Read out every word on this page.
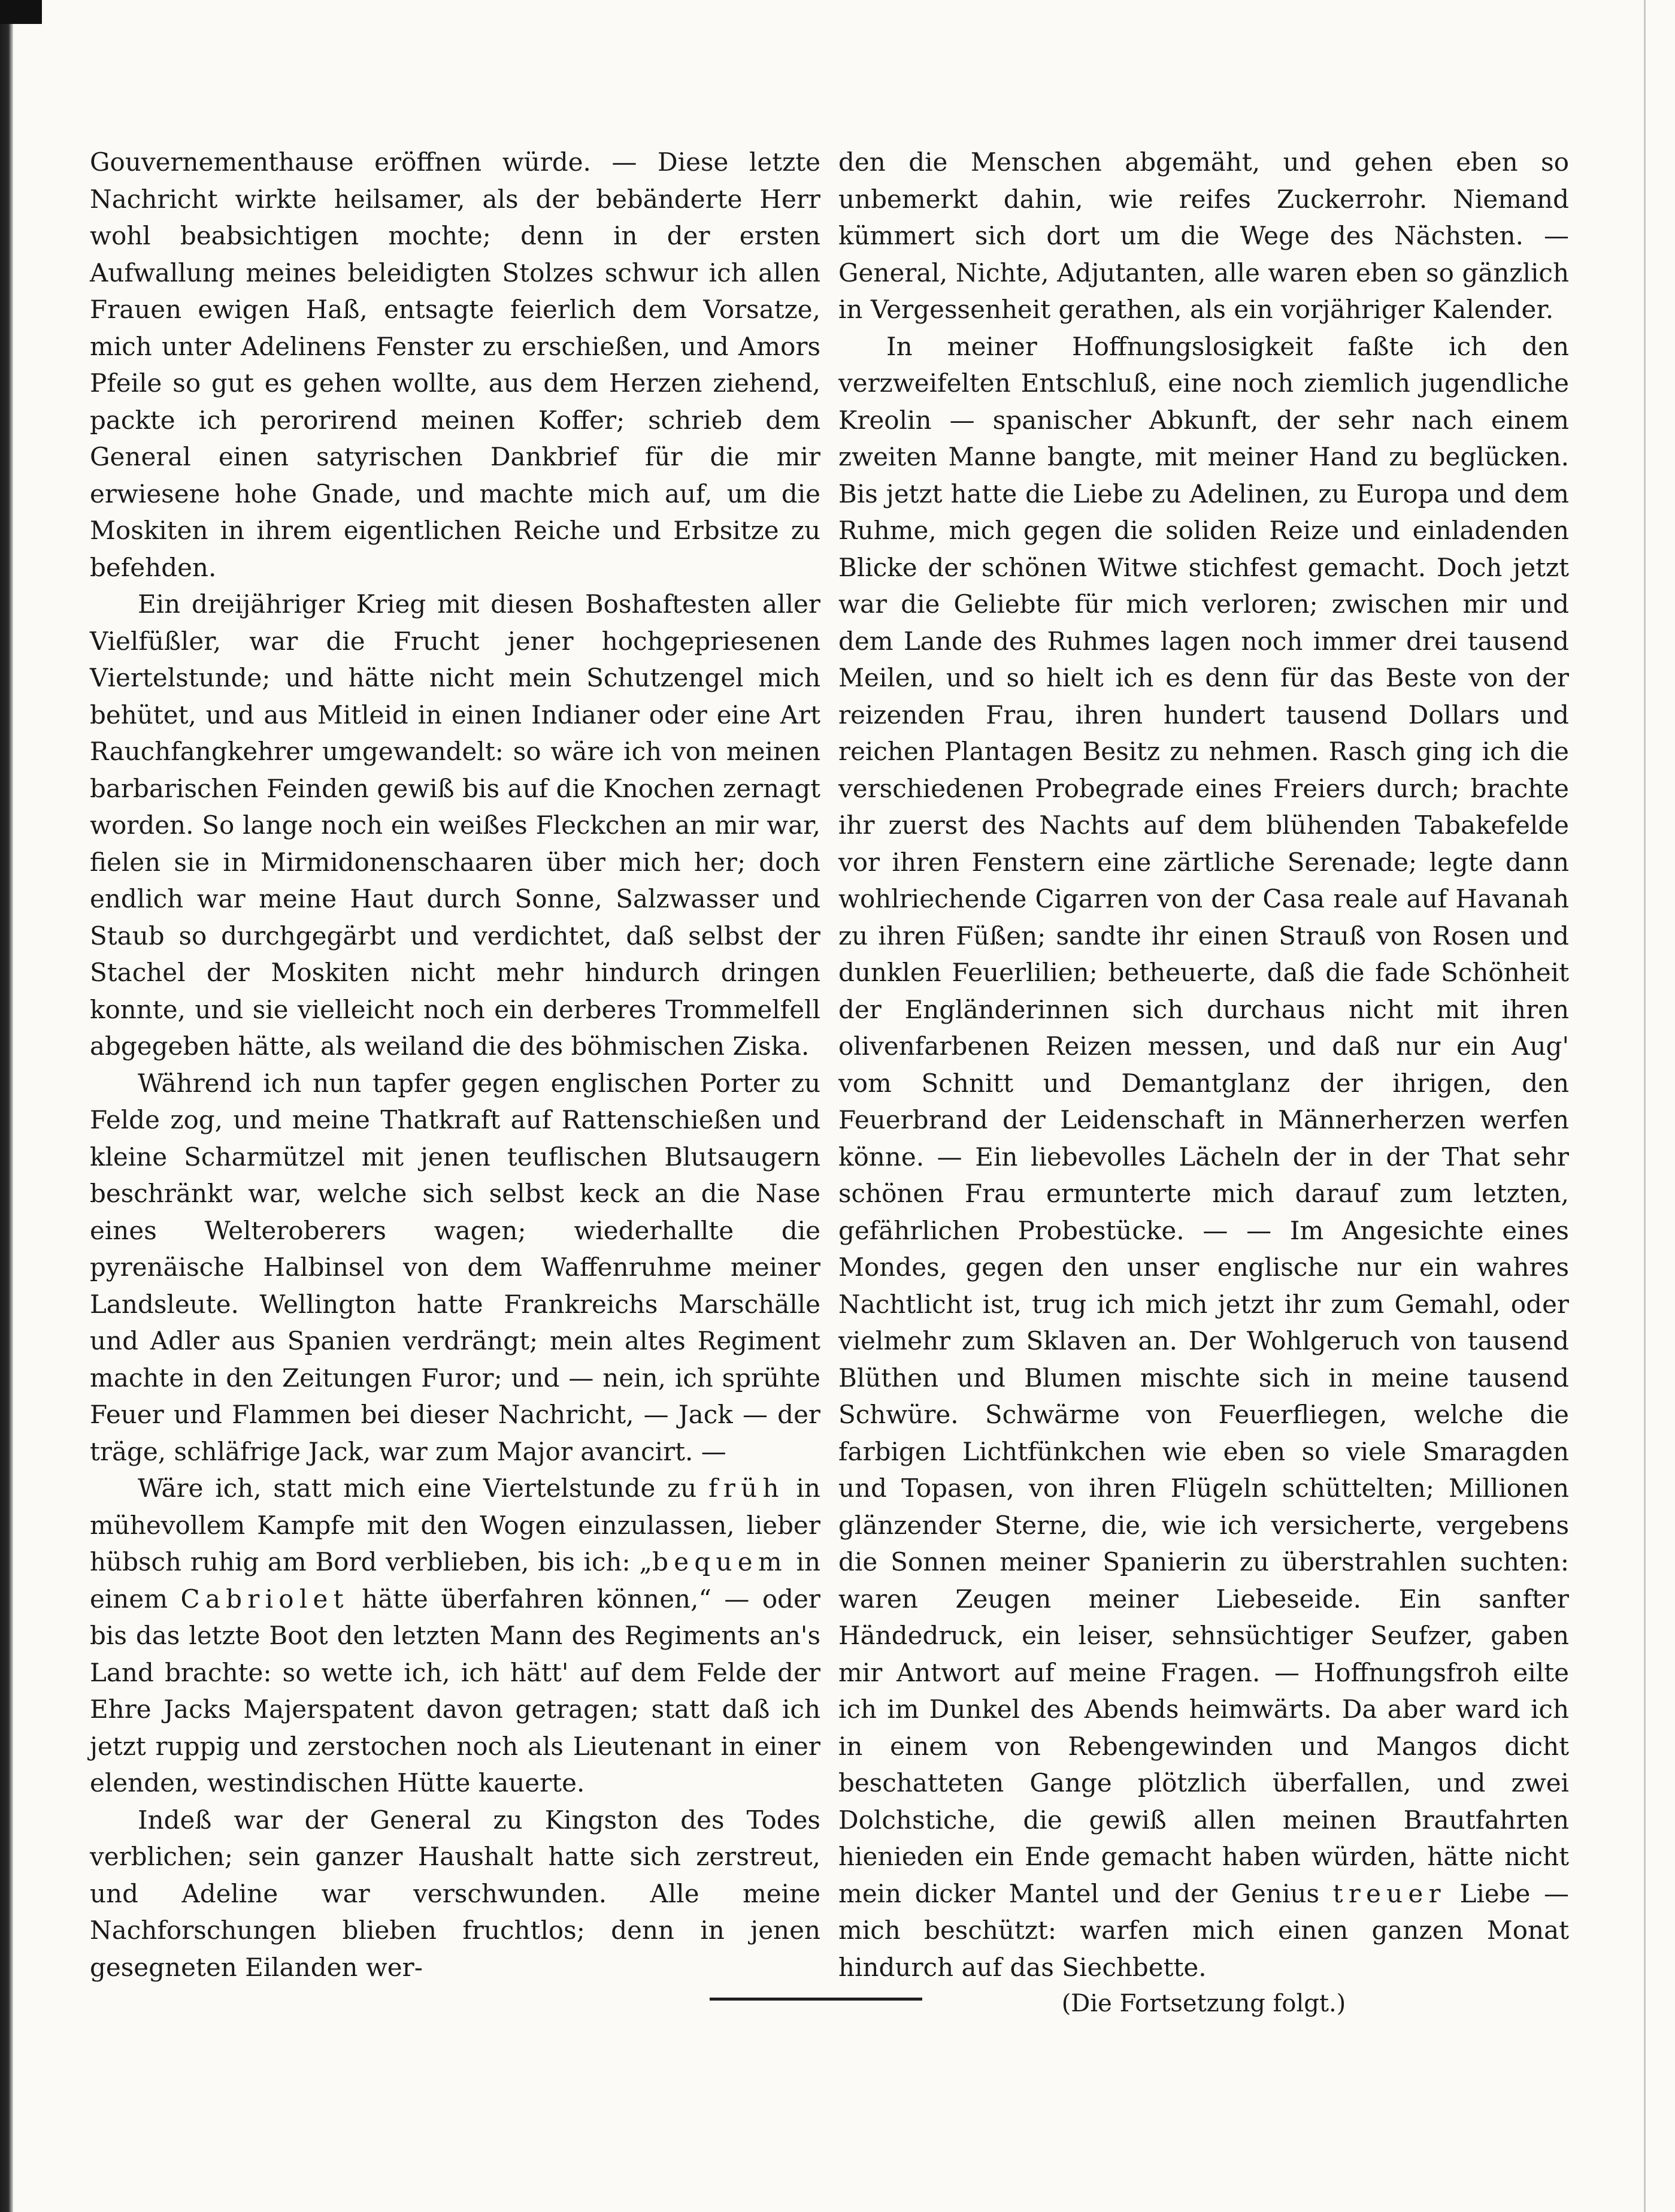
Gouvernementhause eröffnen würde. — Diese letzte Nachricht wirkte heilsamer, als der bebänderte Herr wohl beabsichtigen mochte; denn in der ersten Aufwallung meines beleidigten Stolzes schwur ich allen Frauen ewigen Haß, entsagte feierlich dem Vorsatze, mich unter Adelinens Fenster zu erschießen, und Amors Pfeile so gut es gehen wollte, aus dem Herzen ziehend, packte ich perorirend meinen Koffer; schrieb dem General einen satyrischen Dankbrief für die mir erwiesene hohe Gnade, und machte mich auf, um die Moskiten in ihrem eigentlichen Reiche und Erbsitze zu befehden.

Ein dreijähriger Krieg mit diesen Boshaftesten aller Vielfüßler, war die Frucht jener hochgepriesenen Viertelstunde; und hätte nicht mein Schutzengel mich behütet, und aus Mitleid in einen Indianer oder eine Art Rauchfangkehrer umgewandelt: so wäre ich von meinen barbarischen Feinden gewiß bis auf die Knochen zernagt worden. So lange noch ein weißes Fleckchen an mir war, fielen sie in Mirmidonenschaaren über mich her; doch endlich war meine Haut durch Sonne, Salzwasser und Staub so durchgegärbt und verdichtet, daß selbst der Stachel der Moskiten nicht mehr hindurch dringen konnte, und sie vielleicht noch ein derberes Trommelfell abgegeben hätte, als weiland die des böhmischen Ziska.

Während ich nun tapfer gegen englischen Porter zu Felde zog, und meine Thatkraft auf Rattenschießen und kleine Scharmützel mit jenen teuflischen Blutsaugern beschränkt war, welche sich selbst keck an die Nase eines Welteroberers wagen; wiederhallte die pyrenäische Halbinsel von dem Waffenruhme meiner Landsleute. Wellington hatte Frankreichs Marschälle und Adler aus Spanien verdrängt; mein altes Regiment machte in den Zeitungen Furor; und — nein, ich sprühte Feuer und Flammen bei dieser Nachricht, — Jack — der träge, schläfrige Jack, war zum Major avancirt. —

Wäre ich, statt mich eine Viertelstunde zu früh in mühevollem Kampfe mit den Wogen einzulassen, lieber hübsch ruhig am Bord verblieben, bis ich: „bequem in einem Cabriolet hätte überfahren können,“ — oder bis das letzte Boot den letzten Mann des Regiments an's Land brachte: so wette ich, ich hätt' auf dem Felde der Ehre Jacks Majerspatent davon getragen; statt daß ich jetzt ruppig und zerstochen noch als Lieutenant in einer elenden, westindischen Hütte kauerte.

Indeß war der General zu Kingston des Todes verblichen; sein ganzer Haushalt hatte sich zerstreut, und Adeline war verschwunden. Alle meine Nachforschungen blieben fruchtlos; denn in jenen gesegneten Eilanden wer-

den die Menschen abgemäht, und gehen eben so unbemerkt dahin, wie reifes Zuckerrohr. Niemand kümmert sich dort um die Wege des Nächsten. — General, Nichte, Adjutanten, alle waren eben so gänzlich in Vergessenheit gerathen, als ein vorjähriger Kalender.

In meiner Hoffnungslosigkeit faßte ich den verzweifelten Entschluß, eine noch ziemlich jugendliche Kreolin — spanischer Abkunft, der sehr nach einem zweiten Manne bangte, mit meiner Hand zu beglücken. Bis jetzt hatte die Liebe zu Adelinen, zu Europa und dem Ruhme, mich gegen die soliden Reize und einladenden Blicke der schönen Witwe stichfest gemacht. Doch jetzt war die Geliebte für mich verloren; zwischen mir und dem Lande des Ruhmes lagen noch immer drei tausend Meilen, und so hielt ich es denn für das Beste von der reizenden Frau, ihren hundert tausend Dollars und reichen Plantagen Besitz zu nehmen. Rasch ging ich die verschiedenen Probegrade eines Freiers durch; brachte ihr zuerst des Nachts auf dem blühenden Tabakefelde vor ihren Fenstern eine zärtliche Serenade; legte dann wohlriechende Cigarren von der Casa reale auf Havanah zu ihren Füßen; sandte ihr einen Strauß von Rosen und dunklen Feuerlilien; betheuerte, daß die fade Schönheit der Engländerinnen sich durchaus nicht mit ihren olivenfarbenen Reizen messen, und daß nur ein Aug' vom Schnitt und Demantglanz der ihrigen, den Feuerbrand der Leidenschaft in Männerherzen werfen könne. — Ein liebevolles Lächeln der in der That sehr schönen Frau ermunterte mich darauf zum letzten, gefährlichen Probestücke. — — Im Angesichte eines Mondes, gegen den unser englische nur ein wahres Nachtlicht ist, trug ich mich jetzt ihr zum Gemahl, oder vielmehr zum Sklaven an. Der Wohlgeruch von tausend Blüthen und Blumen mischte sich in meine tausend Schwüre. Schwärme von Feuerfliegen, welche die farbigen Lichtfünkchen wie eben so viele Smaragden und Topasen, von ihren Flügeln schüttelten; Millionen glänzender Sterne, die, wie ich versicherte, vergebens die Sonnen meiner Spanierin zu überstrahlen suchten: waren Zeugen meiner Liebeseide. Ein sanfter Händedruck, ein leiser, sehnsüchtiger Seufzer, gaben mir Antwort auf meine Fragen. — Hoffnungsfroh eilte ich im Dunkel des Abends heimwärts. Da aber ward ich in einem von Rebengewinden und Mangos dicht beschatteten Gange plötzlich überfallen, und zwei Dolchstiche, die gewiß allen meinen Brautfahrten hienieden ein Ende gemacht haben würden, hätte nicht mein dicker Mantel und der Genius treuer Liebe — mich beschützt: warfen mich einen ganzen Monat hindurch auf das Siechbette.

(Die Fortsetzung folgt.)
